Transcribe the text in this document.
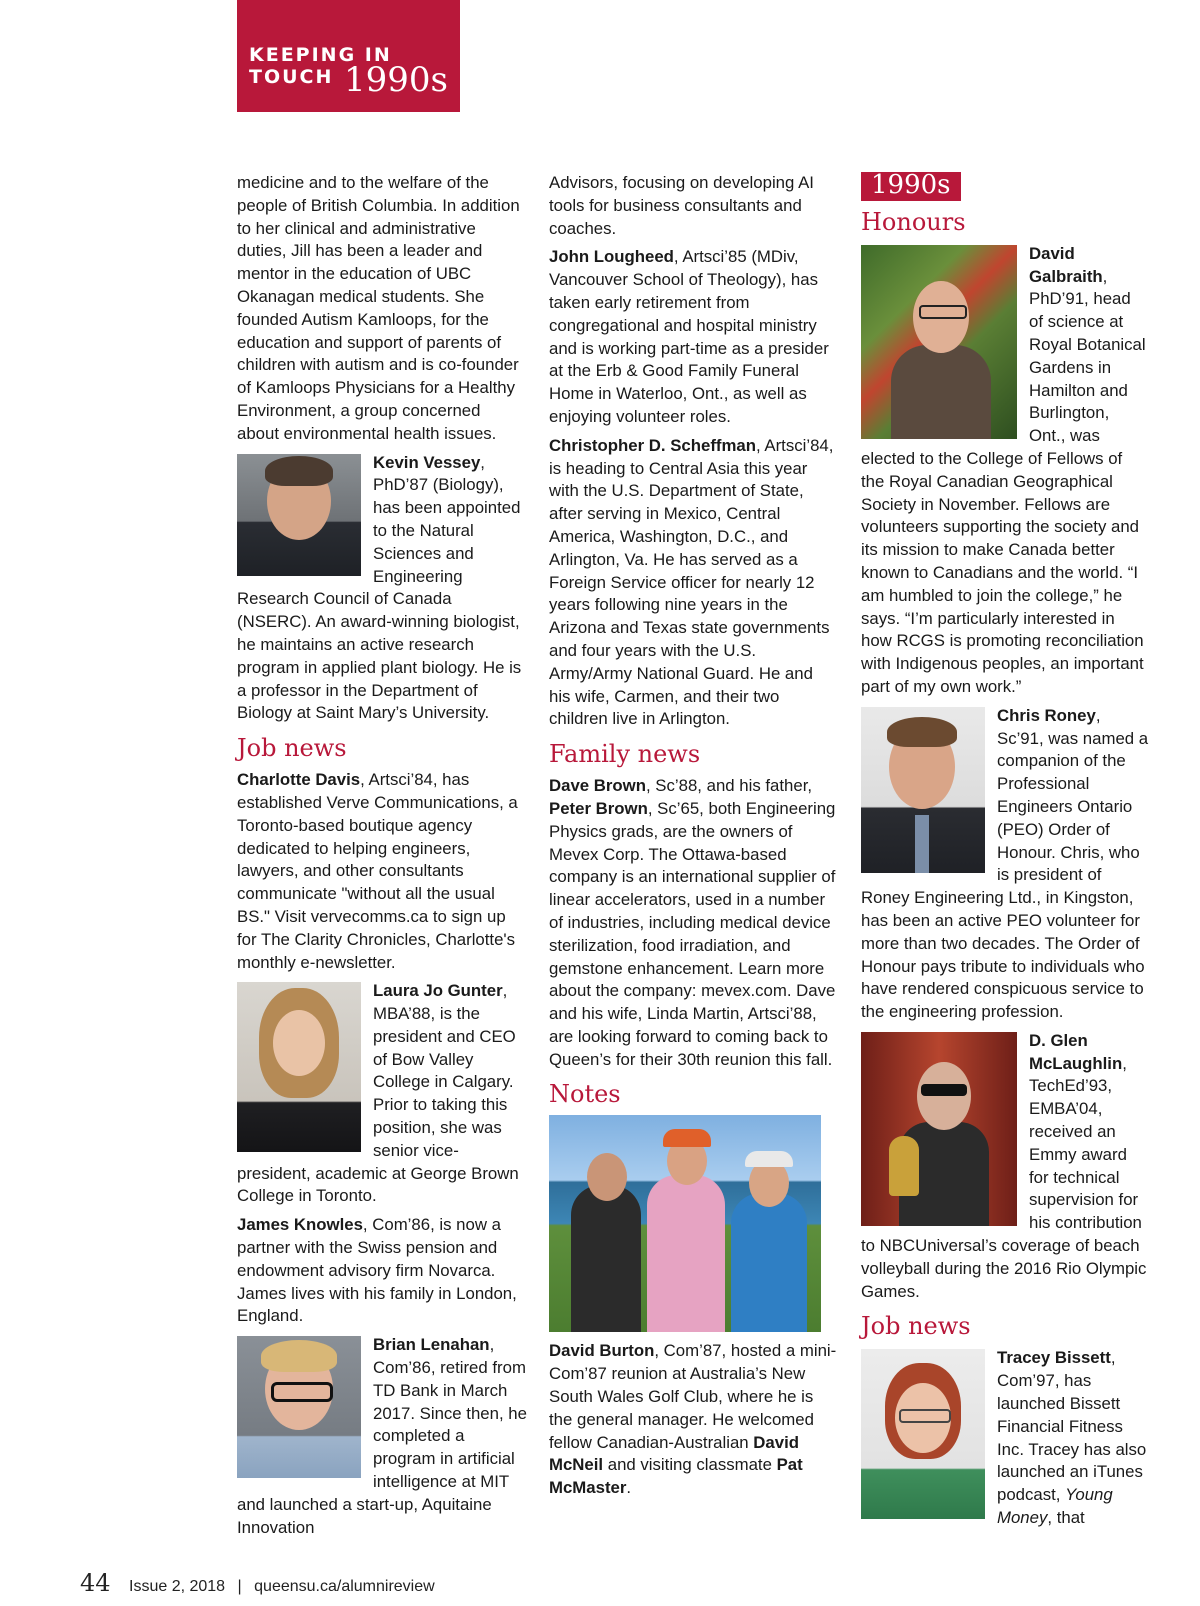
KEEPING IN TOUCH 1990s

medicine and to the welfare of the people of British Columbia. In addition to her clinical and administrative duties, Jill has been a leader and mentor in the education of UBC Okanagan medical students. She founded Autism Kamloops, for the education and support of parents of children with autism and is co-founder of Kamloops Physicians for a Healthy Environment, a group concerned about environmental health issues.

Kevin Vessey, PhD’87 (Biology), has been appointed to the Natural Sciences and Engineering Research Council of Canada (NSERC). An award-winning biologist, he maintains an active research program in applied plant biology. He is a professor in the Department of Biology at Saint Mary’s University.

Job news

Charlotte Davis, Artsci’84, has established Verve Communications, a Toronto-based boutique agency dedicated to helping engineers, lawyers, and other consultants communicate "without all the usual BS." Visit vervecomms.ca to sign up for The Clarity Chronicles, Charlotte's monthly e-newsletter.

Laura Jo Gunter, MBA’88, is the president and CEO of Bow Valley College in Calgary. Prior to taking this position, she was senior vice-president, academic at George Brown College in Toronto.

James Knowles, Com’86, is now a partner with the Swiss pension and endowment advisory firm Novarca. James lives with his family in London, England.

Brian Lenahan, Com’86, retired from TD Bank in March 2017. Since then, he completed a program in artificial intelligence at MIT and launched a start-up, Aquitaine Innovation

Advisors, focusing on developing AI tools for business consultants and coaches.

John Lougheed, Artsci’85 (MDiv, Vancouver School of Theology), has taken early retirement from congregational and hospital ministry and is working part-time as a presider at the Erb & Good Family Funeral Home in Waterloo, Ont., as well as enjoying volunteer roles.

Christopher D. Scheffman, Artsci’84, is heading to Central Asia this year with the U.S. Department of State, after serving in Mexico, Central America, Washington, D.C., and Arlington, Va. He has served as a Foreign Service officer for nearly 12 years following nine years in the Arizona and Texas state governments and four years with the U.S. Army/Army National Guard. He and his wife, Carmen, and their two children live in Arlington.

Family news

Dave Brown, Sc’88, and his father, Peter Brown, Sc’65, both Engineering Physics grads, are the owners of Mevex Corp. The Ottawa-based company is an international supplier of linear accelerators, used in a number of industries, including medical device sterilization, food irradiation, and gemstone enhancement. Learn more about the company: mevex.com. Dave and his wife, Linda Martin, Artsci’88, are looking forward to coming back to Queen’s for their 30th reunion this fall.

Notes

David Burton, Com’87, hosted a mini-Com’87 reunion at Australia’s New South Wales Golf Club, where he is the general manager. He welcomed fellow Canadian-Australian David McNeil and visiting classmate Pat McMaster.

1990s
Honours

David Galbraith, PhD’91, head of science at Royal Botanical Gardens in Hamilton and Burlington, Ont., was elected to the College of Fellows of the Royal Canadian Geographical Society in November. Fellows are volunteers supporting the society and its mission to make Canada better known to Canadians and the world. “I am humbled to join the college,” he says. “I’m particularly interested in how RCGS is promoting reconciliation with Indigenous peoples, an important part of my own work.”

Chris Roney, Sc’91, was named a companion of the Professional Engineers Ontario (PEO) Order of Honour. Chris, who is president of Roney Engineering Ltd., in Kingston, has been an active PEO volunteer for more than two decades. The Order of Honour pays tribute to individuals who have rendered conspicuous service to the engineering profession.

D. Glen McLaughlin, TechEd’93, EMBA’04, received an Emmy award for technical supervision for his contribution to NBCUniversal’s coverage of beach volleyball during the 2016 Rio Olympic Games.

Job news

Tracey Bissett, Com’97, has launched Bissett Financial Fitness Inc. Tracey has also launched an iTunes podcast, Young Money, that

44 Issue 2, 2018 | queensu.ca/alumnireview
